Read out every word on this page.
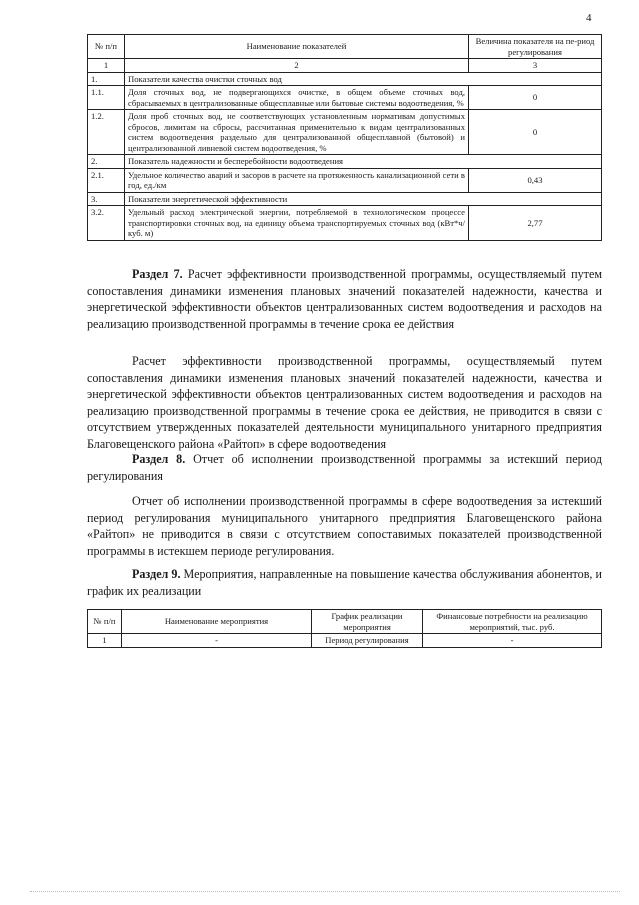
4
№ п/п	Наименование показателей	Величина показателя на пе-риод регулирования
1	2	3
1.	Показатели качества очистки сточных вод	
1.1.	Доля сточных вод, не подвергающихся очистке, в общем объеме сточных вод, сбрасываемых в централизованные общесплавные или бытовые системы водоотведения, %	0
1.2.	Доля проб сточных вод, не соответствующих установленным нормативам допустимых сбросов, лимитам на сбросы, рассчитанная применительно к видам централизованных систем водоотведения раздельно для централизованной общесплавной (бытовой) и централизованной ливневой систем водоотведения, %	0
2.	Показатель надежности и бесперебойности водоотведения	
2.1.	Удельное количество аварий и засоров в расчете на протяженность канализационной сети в год, ед./км	0,43
3.	Показатели энергетической эффективности	
3.2.	Удельный расход электрической энергии, потребляемой в технологическом процессе транспортировки сточных вод, на единицу объема транспортируемых сточных вод (кВт*ч/ куб. м)	2,77

Раздел 7. Расчет эффективности производственной программы, осуществляемый путем сопоставления динамики изменения плановых значений показателей надежности, качества и энергетической эффективности объектов централизованных систем водоотведения и расходов на реализацию производственной программы в течение срока ее действия

Расчет эффективности производственной программы, осуществляемый путем сопоставления динамики изменения плановых значений показателей надежности, качества и энергетической эффективности объектов централизованных систем водоотведения и расходов на реализацию производственной программы в течение срока ее действия, не приводится в связи с отсутствием утвержденных показателей деятельности муниципального унитарного предприятия Благовещенского района «Райтоп» в сфере водоотведения

Раздел 8. Отчет об исполнении производственной программы за истекший период регулирования

Отчет об исполнении производственной программы в сфере водоотведения за истекший период регулирования муниципального унитарного предприятия Благовещенского района «Райтоп» не приводится в связи с отсутствием сопоставимых показателей производственной программы в истекшем периоде регулирования.

Раздел 9. Мероприятия, направленные на повышение качества обслуживания абонентов, и график их реализации

№ п/п	Наименование мероприятия	График реализации мероприятия	Финансовые потребности на реализацию мероприятий, тыс. руб.
1	-	Период регулирования	-
